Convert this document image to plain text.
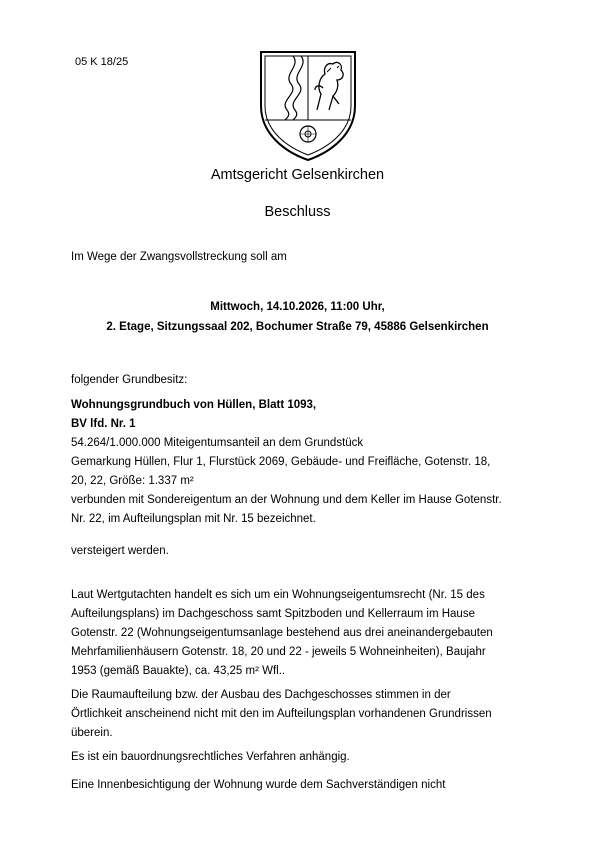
05 K 18/25
Amtsgericht Gelsenkirchen
Beschluss
Im Wege der Zwangsvollstreckung soll am
Mittwoch, 14.10.2026, 11:00 Uhr,
2. Etage, Sitzungssaal 202, Bochumer Straße 79, 45886 Gelsenkirchen
folgender Grundbesitz:
Wohnungsgrundbuch von Hüllen, Blatt 1093,
BV lfd. Nr. 1
54.264/1.000.000 Miteigentumsanteil an dem Grundstück
Gemarkung Hüllen, Flur 1, Flurstück 2069, Gebäude- und Freifläche, Gotenstr. 18,
20, 22, Größe: 1.337 m²
verbunden mit Sondereigentum an der Wohnung und dem Keller im Hause Gotenstr.
Nr. 22, im Aufteilungsplan mit Nr. 15 bezeichnet.
versteigert werden.
Laut Wertgutachten handelt es sich um ein Wohnungseigentumsrecht (Nr. 15 des
Aufteilungsplans) im Dachgeschoss samt Spitzboden und Kellerraum im Hause
Gotenstr. 22 (Wohnungseigentumsanlage bestehend aus drei aneinandergebauten
Mehrfamilienhäusern Gotenstr. 18, 20 und 22 - jeweils 5 Wohneinheiten), Baujahr
1953 (gemäß Bauakte), ca. 43,25 m² Wfl..
Die Raumaufteilung bzw. der Ausbau des Dachgeschosses stimmen in der
Örtlichkeit anscheinend nicht mit den im Aufteilungsplan vorhandenen Grundrissen
überein.
Es ist ein bauordnungsrechtliches Verfahren anhängig.
Eine Innenbesichtigung der Wohnung wurde dem Sachverständigen nicht
